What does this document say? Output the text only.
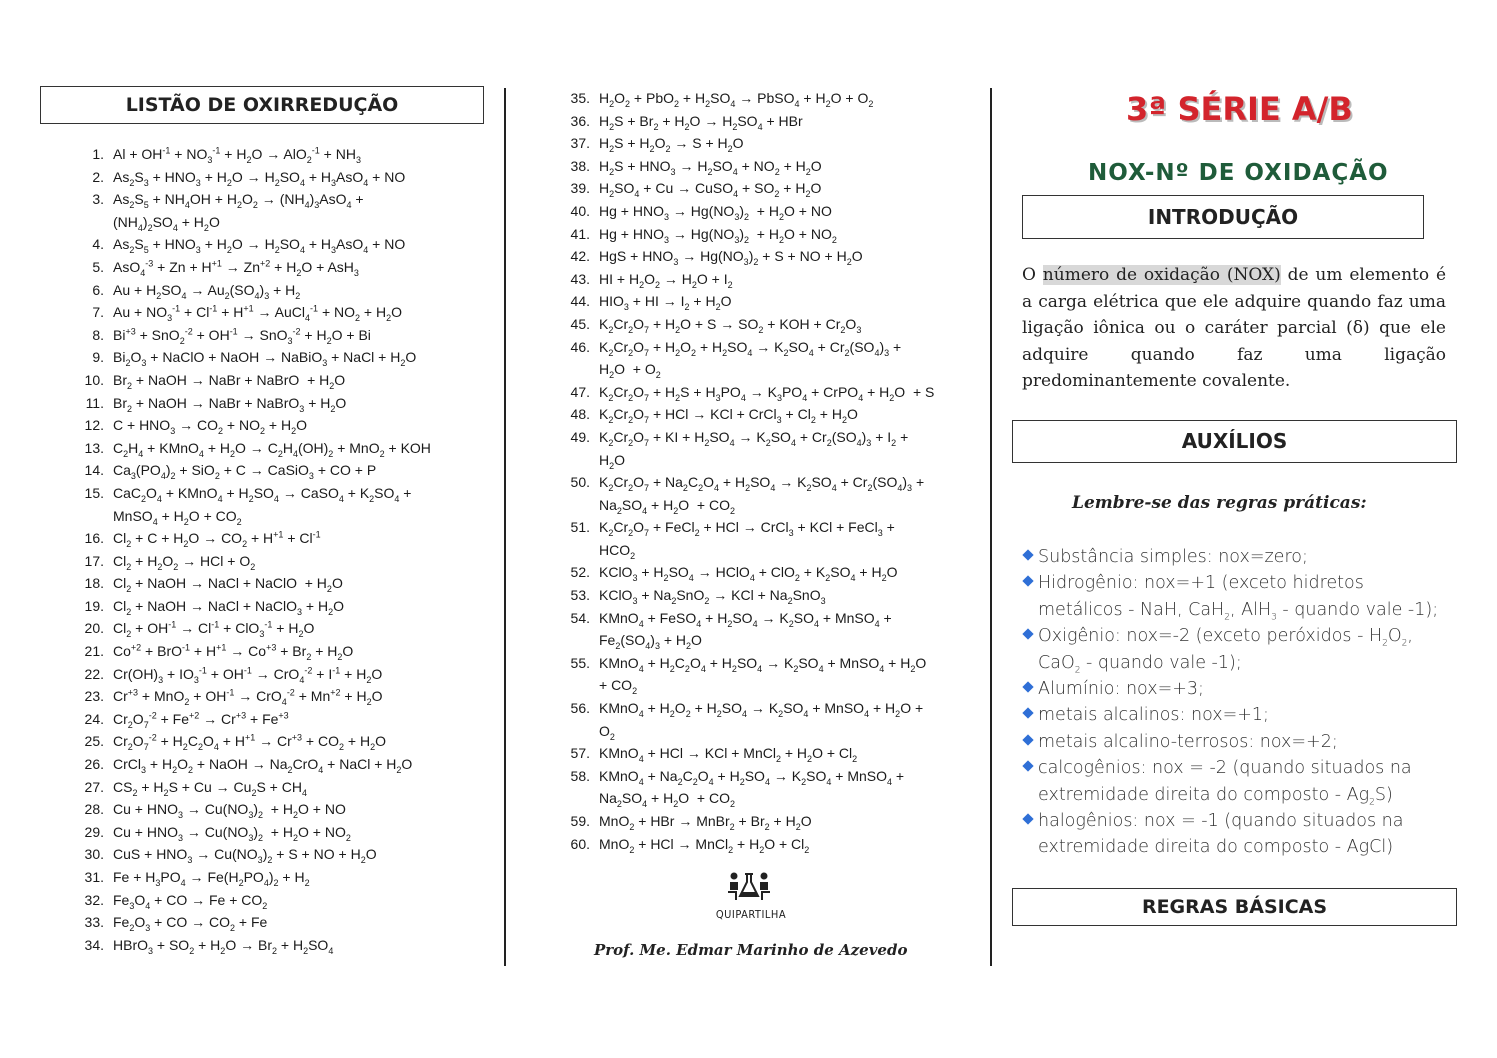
LISTÃO DE OXIRREDUÇÃO
1. $Al + OH^{-1} + NO_3^{-1} + H_2O \to AlO_2^{-1} + NH_3$
2. $As_2S_3 + HNO_3 + H_2O \to H_2SO_4 + H_3AsO_4$ + NO
3. $As_2S_5 + NH_4OH + H_2O_2 \to (NH_4)_3AsO_4$ +
$(NH_4)_2SO_4 + H_2O$
4. $As_2S_5 + HNO_3 + H_2O \to H_2SO_4 + H_3AsO_4$ + NO
5. $AsO_4^{-3} + Zn + H^{+1} \to Zn^{+2} + H_2O + AsH_3$
6. $Au + H_2SO_4 \to Au_2(SO_4)_3 + H_2$
7. $Au + NO_3^{-1} + Cl^{-1} + H^{+1}$ → AuCl$_4^{-1}$ + $NO_2 + H_2O$
8. $Bi^{+3} + SnO_2^{-2} + OH^{-1} \to SnO_3^{-2} + H_2O + Bi$
9. $Bi_2O_3$ + NaClO + NaOH → NaBiO$_3$ + NaCl + $H_2O$
10. $Br_2$ + NaOH → NaBr + NaBrO  + $H_2O$
11. $Br_2$ + NaOH → NaBr + NaBrO$_3$ + $H_2O$
12. $C + HNO_3 \to CO_2 + NO_2 + H_2O$
13. $C_2H_4$ + KMnO$_4$ + $H_2O \to C_2H_4(OH)_2 + MnO_2$ + KOH
14. $Ca_3(PO_4)_2 + SiO_2 + C$ → CaSiO$_3$ + CO + P
15. $CaC_2O_4$ + KMnO$_4$ + $H_2SO_4$ → CaSO$_4$ + $K_2SO_4$ +
MnSO$_4$ + $H_2O + CO_2$
16. $Cl_2 + C + H_2O \to CO_2 + H^{+1} + Cl^{-1}$
17. $Cl_2 + H_2O_2$ → HCl + $O_2$
18. $Cl_2$ + NaOH → NaCl + NaClO  + $H_2O$
19. $Cl_2$ + NaOH → NaCl + NaClO$_3$ + $H_2O$
20. $Cl_2 + OH^{-1} \to Cl^{-1} + ClO_3^{-1} + H_2O$
21. $Co^{+2} + BrO^{-1} + H^{+1} \to Co^{+3} + Br_2 + H_2O$
22. $Cr(OH)_3 + IO_3^{-1} + OH^{-1} \to CrO_4^{-2} + I^{-1} + H_2O$
23. $Cr^{+3} + MnO_2 + OH^{-1} \to CrO_4^{-2} + Mn^{+2} + H_2O$
24. $Cr_2O_7^{-2} + Fe^{+2} \to Cr^{+3} + Fe^{+3}$
25. $Cr_2O_7^{-2} + H_2C_2O_4 + H^{+1} \to Cr^{+3} + CO_2 + H_2O$
26. CrCl$_3$ + $H_2O_2$ + NaOH → $Na_2CrO_4$ + NaCl + $H_2O$
27. $CS_2 + H_2S + Cu \to Cu_2S + CH_4$
28. $Cu + HNO_3 \to Cu(NO_3)_2 + H_2O$ + NO
29. $Cu + HNO_3 \to Cu(NO_3)_2 + H_2O + NO_2$
30. CuS + $HNO_3 \to Cu(NO_3)_2 + S$ + NO + $H_2O$
31. $Fe + H_3PO_4 \to Fe(H_2PO_4)_2 + H_2$
32. $Fe_3O_4$ + CO → $Fe + CO_2$
33. $Fe_2O_3$ + CO → $CO_2 + Fe$
34. HBrO$_3$ + $SO_2 + H_2O \to Br_2 + H_2SO_4$
35. $H_2O_2 + PbO_2 + H_2SO_4$ → PbSO$_4$ + $H_2O + O_2$
36. $H_2S + Br_2 + H_2O \to H_2SO_4$ + HBr
37. $H_2S + H_2O_2 \to S + H_2O$
38. $H_2S + HNO_3 \to H_2SO_4 + NO_2 + H_2O$
39. $H_2SO_4 + Cu$ → CuSO$_4$ + $SO_2 + H_2O$
40. $Hg + HNO_3 \to Hg(NO_3)_2 + H_2O$ + NO
41. $Hg + HNO_3 \to Hg(NO_3)_2 + H_2O + NO_2$
42. HgS + $HNO_3 \to Hg(NO_3)_2 + S$ + NO + $H_2O$
43. HI + $H_2O_2 \to H_2O + I_2$
44. $HIO_3$ + HI → $I_2 + H_2O$
45. $K_2Cr_2O_7 + H_2O + S \to SO_2$ + KOH + $Cr_2O_3$
46. $K_2Cr_2O_7 + H_2O_2 + H_2SO_4 \to K_2SO_4 + Cr_2(SO_4)_3$ +
$H_2O + O_2$
47. $K_2Cr_2O_7 + H_2S + H_3PO_4 \to K_3PO_4$ + CrPO$_4$ + $H_2O + S$
48. $K_2Cr_2O_7$ + HCl → KCl + CrCl$_3$ + $Cl_2 + H_2O$
49. $K_2Cr_2O_7$ + KI + $H_2SO_4 \to K_2SO_4 + Cr_2(SO_4)_3 + I_2$ +
$H_2O$
50. $K_2Cr_2O_7 + Na_2C_2O_4 + H_2SO_4 \to K_2SO_4 + Cr_2(SO_4)_3$ +
$Na_2SO_4 + H_2O + CO_2$
51. $K_2Cr_2O_7$ + FeCl$_2$ + HCl → CrCl$_3$ + KCl + FeCl$_3$ +
$HCO_2$
52. KClO$_3$ + $H_2SO_4$ → HClO$_4$ + $ClO_2 + K_2SO_4 + H_2O$
53. KClO$_3$ + $Na_2SnO_2$ → KCl + $Na_2SnO_3$
54. KMnO$_4$ + FeSO$_4$ + $H_2SO_4 \to K_2SO_4$ + MnSO$_4$ +
$Fe_2(SO_4)_3 + H_2O$
55. KMnO$_4$ + $H_2C_2O_4 + H_2SO_4 \to K_2SO_4$ + MnSO$_4$ + $H_2O$
+ $CO_2$
56. KMnO$_4$ + $H_2O_2 + H_2SO_4 \to K_2SO_4$ + MnSO$_4$ + $H_2O$ +
$O_2$
57. KMnO$_4$ + HCl → KCl + MnCl$_2$ + $H_2O + Cl_2$
58. KMnO$_4$ + $Na_2C_2O_4 + H_2SO_4 \to K_2SO_4$ + MnSO$_4$ +
$Na_2SO_4 + H_2O + CO_2$
59. MnO$_2$ + HBr → MnBr$_2$ + $Br_2 + H_2O$
60. MnO$_2$ + HCl → MnCl$_2$ + $H_2O + Cl_2$
QUIPARTILHA
Prof. Me. Edmar Marinho de Azevedo
3ª SÉRIE A/B
NOX-Nº DE OXIDAÇÃO
INTRODUÇÃO
O número de oxidação (NOX) de um elemento é a carga elétrica que ele adquire quando faz uma ligação iônica ou o caráter parcial (δ) que ele adquire quando faz uma ligação predominantemente covalente.
AUXÍLIOS
Lembre-se das regras práticas:
Substância simples: nox=zero;
Hidrogênio: nox=+1 (exceto hidretos metálicos - NaH, CaH$_2$, AlH$_3$ - quando vale -1);
Oxigênio: nox=-2 (exceto peróxidos - $H_2O_2$, CaO$_2$ - quando vale -1);
Alumínio: nox=+3;
metais alcalinos: nox=+1;
metais alcalino-terrosos: nox=+2;
calcogênios: nox = -2 (quando situados na extremidade direita do composto - $Ag_2S$)
halogênios: nox = -1 (quando situados na extremidade direita do composto - AgCl)
REGRAS BÁSICAS
